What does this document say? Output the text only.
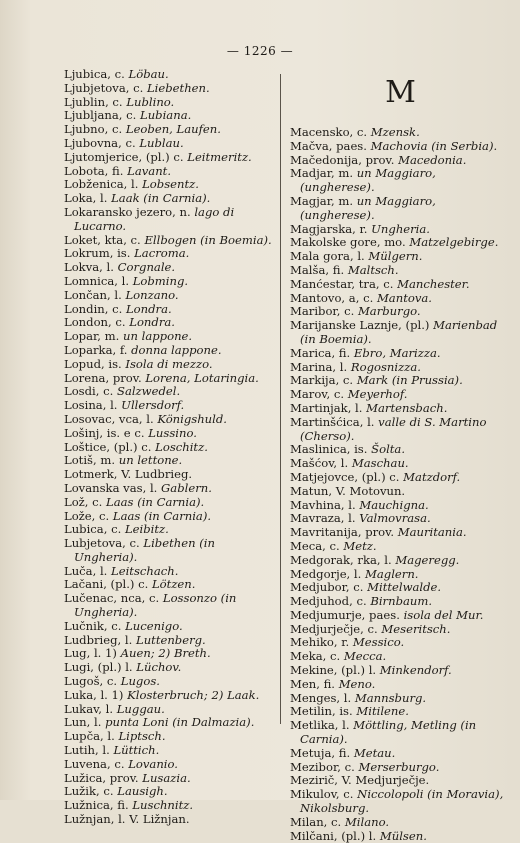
— 1226 —

Ljubica, c. Löbau.

Ljubjetova, c. Liebethen.

Ljublin, c. Lublino.

Ljubljana, c. Lubiana.

Ljubno, c. Leoben, Laufen.

Ljubovna, c. Lublau.

Ljutomjerice, (pl.) c. Leitmeritz.

Lobota, fi. Lavant.

Lobženica, l. Lobsentz.

Loka, l. Laak (in Carnia).

Lokaransko jezero, n. lago di Lucarno.

Loket, kta, c. Ellbogen (in Boemia).

Lokrum, is. Lacroma.

Lokva, l. Corgnale.

Lomnica, l. Lobming.

Lončan, l. Lonzano.

Londin, c. Londra.

London, c. Londra.

Lopar, m. un lappone.

Loparka, f. donna lappone.

Lopud, is. Isola di mezzo.

Lorena, prov. Lorena, Lotaringia.

Losdi, c. Salzwedel.

Losina, l. Ullersdorf.

Losovac, vca, l. Königshuld.

Lošinj, is. e c. Lussino.

Loštice, (pl.) c. Loschitz.

Lotiš, m. un lettone.

Lotmerk, V. Ludbrieg.

Lovanska vas, l. Gablern.

Lož, c. Laas (in Carnia).

Lože, c. Laas (in Carnia).

Lubica, c. Leibitz.

Lubjetova, c. Libethen (in Ungheria).

Luča, l. Leitschach.

Lačani, (pl.) c. Lötzen.

Lučenac, nca, c. Lossonzo (in Ungheria).

Lučnik, c. Lucenigo.

Ludbrieg, l. Luttenberg.

Lug, l. 1) Auen; 2) Breth.

Lugi, (pl.) l. Lüchov.

Lugoš, c. Lugos.

Luka, l. 1) Klosterbruch; 2) Laak.

Lukav, l. Luggau.

Lun, l. punta Loni (in Dalmazia).

Lupča, l. Liptsch.

Lutih, l. Lüttich.

Luvena, c. Lovanio.

Lužica, prov. Lusazia.

Lužik, c. Lausigh.

Lužnica, fi. Luschnitz.

Lužnjan, l. V. Ližnjan.

M

Macensko, c. Mzensk.

Mačva, paes. Machovia (in Serbia).

Mačedonija, prov. Macedonia.

Madjar, m. un Maggiaro, (ungherese).

Magjar, m. un Maggiaro, (ungherese).

Magjarska, r. Ungheria.

Makolske gore, mo. Matzelgebirge.

Mala gora, l. Mülgern.

Malša, fi. Maltsch.

Manćestar, tra, c. Manchester.

Mantovo, a, c. Mantova.

Maribor, c. Marburgo.

Marijanske Laznje, (pl.) Marienbad (in Boemia).

Marica, fi. Ebro, Marizza.

Marina, l. Rogosnizza.

Markija, c. Mark (in Prussia).

Marov, c. Meyerhof.

Martinjak, l. Martensbach.

Martinšćica, l. valle di S. Martino (Cherso).

Maslinica, is. Šolta.

Mašćov, l. Maschau.

Matjejovce, (pl.) c. Matzdorf.

Matun, V. Motovun.

Mavhina, l. Mauchigna.

Mavraza, l. Valmovrasa.

Mavritanija, prov. Mauritania.

Meca, c. Metz.

Medgorak, rka, l. Mageregg.

Medgorje, l. Maglern.

Medjubor, c. Mittelwalde.

Medjuhod, c. Birnbaum.

Medjumurje, paes. isola del Mur.

Medjurječje, c. Meseritsch.

Mehiko, r. Messico.

Meka, c. Mecca.

Mekine, (pl.) l. Minkendorf.

Men, fi. Meno.

Menges, l. Mannsburg.

Metilin, is. Mitilene.

Metlika, l. Möttling, Metling (in Carnia).

Metuja, fi. Metau.

Mezibor, c. Merserburgo.

Mezirič, V. Medjurječje.

Mikulov, c. Niccolopoli (in Moravia), Nikolsburg.

Milan, c. Milano.

Milčani, (pl.) l. Mülsen.
